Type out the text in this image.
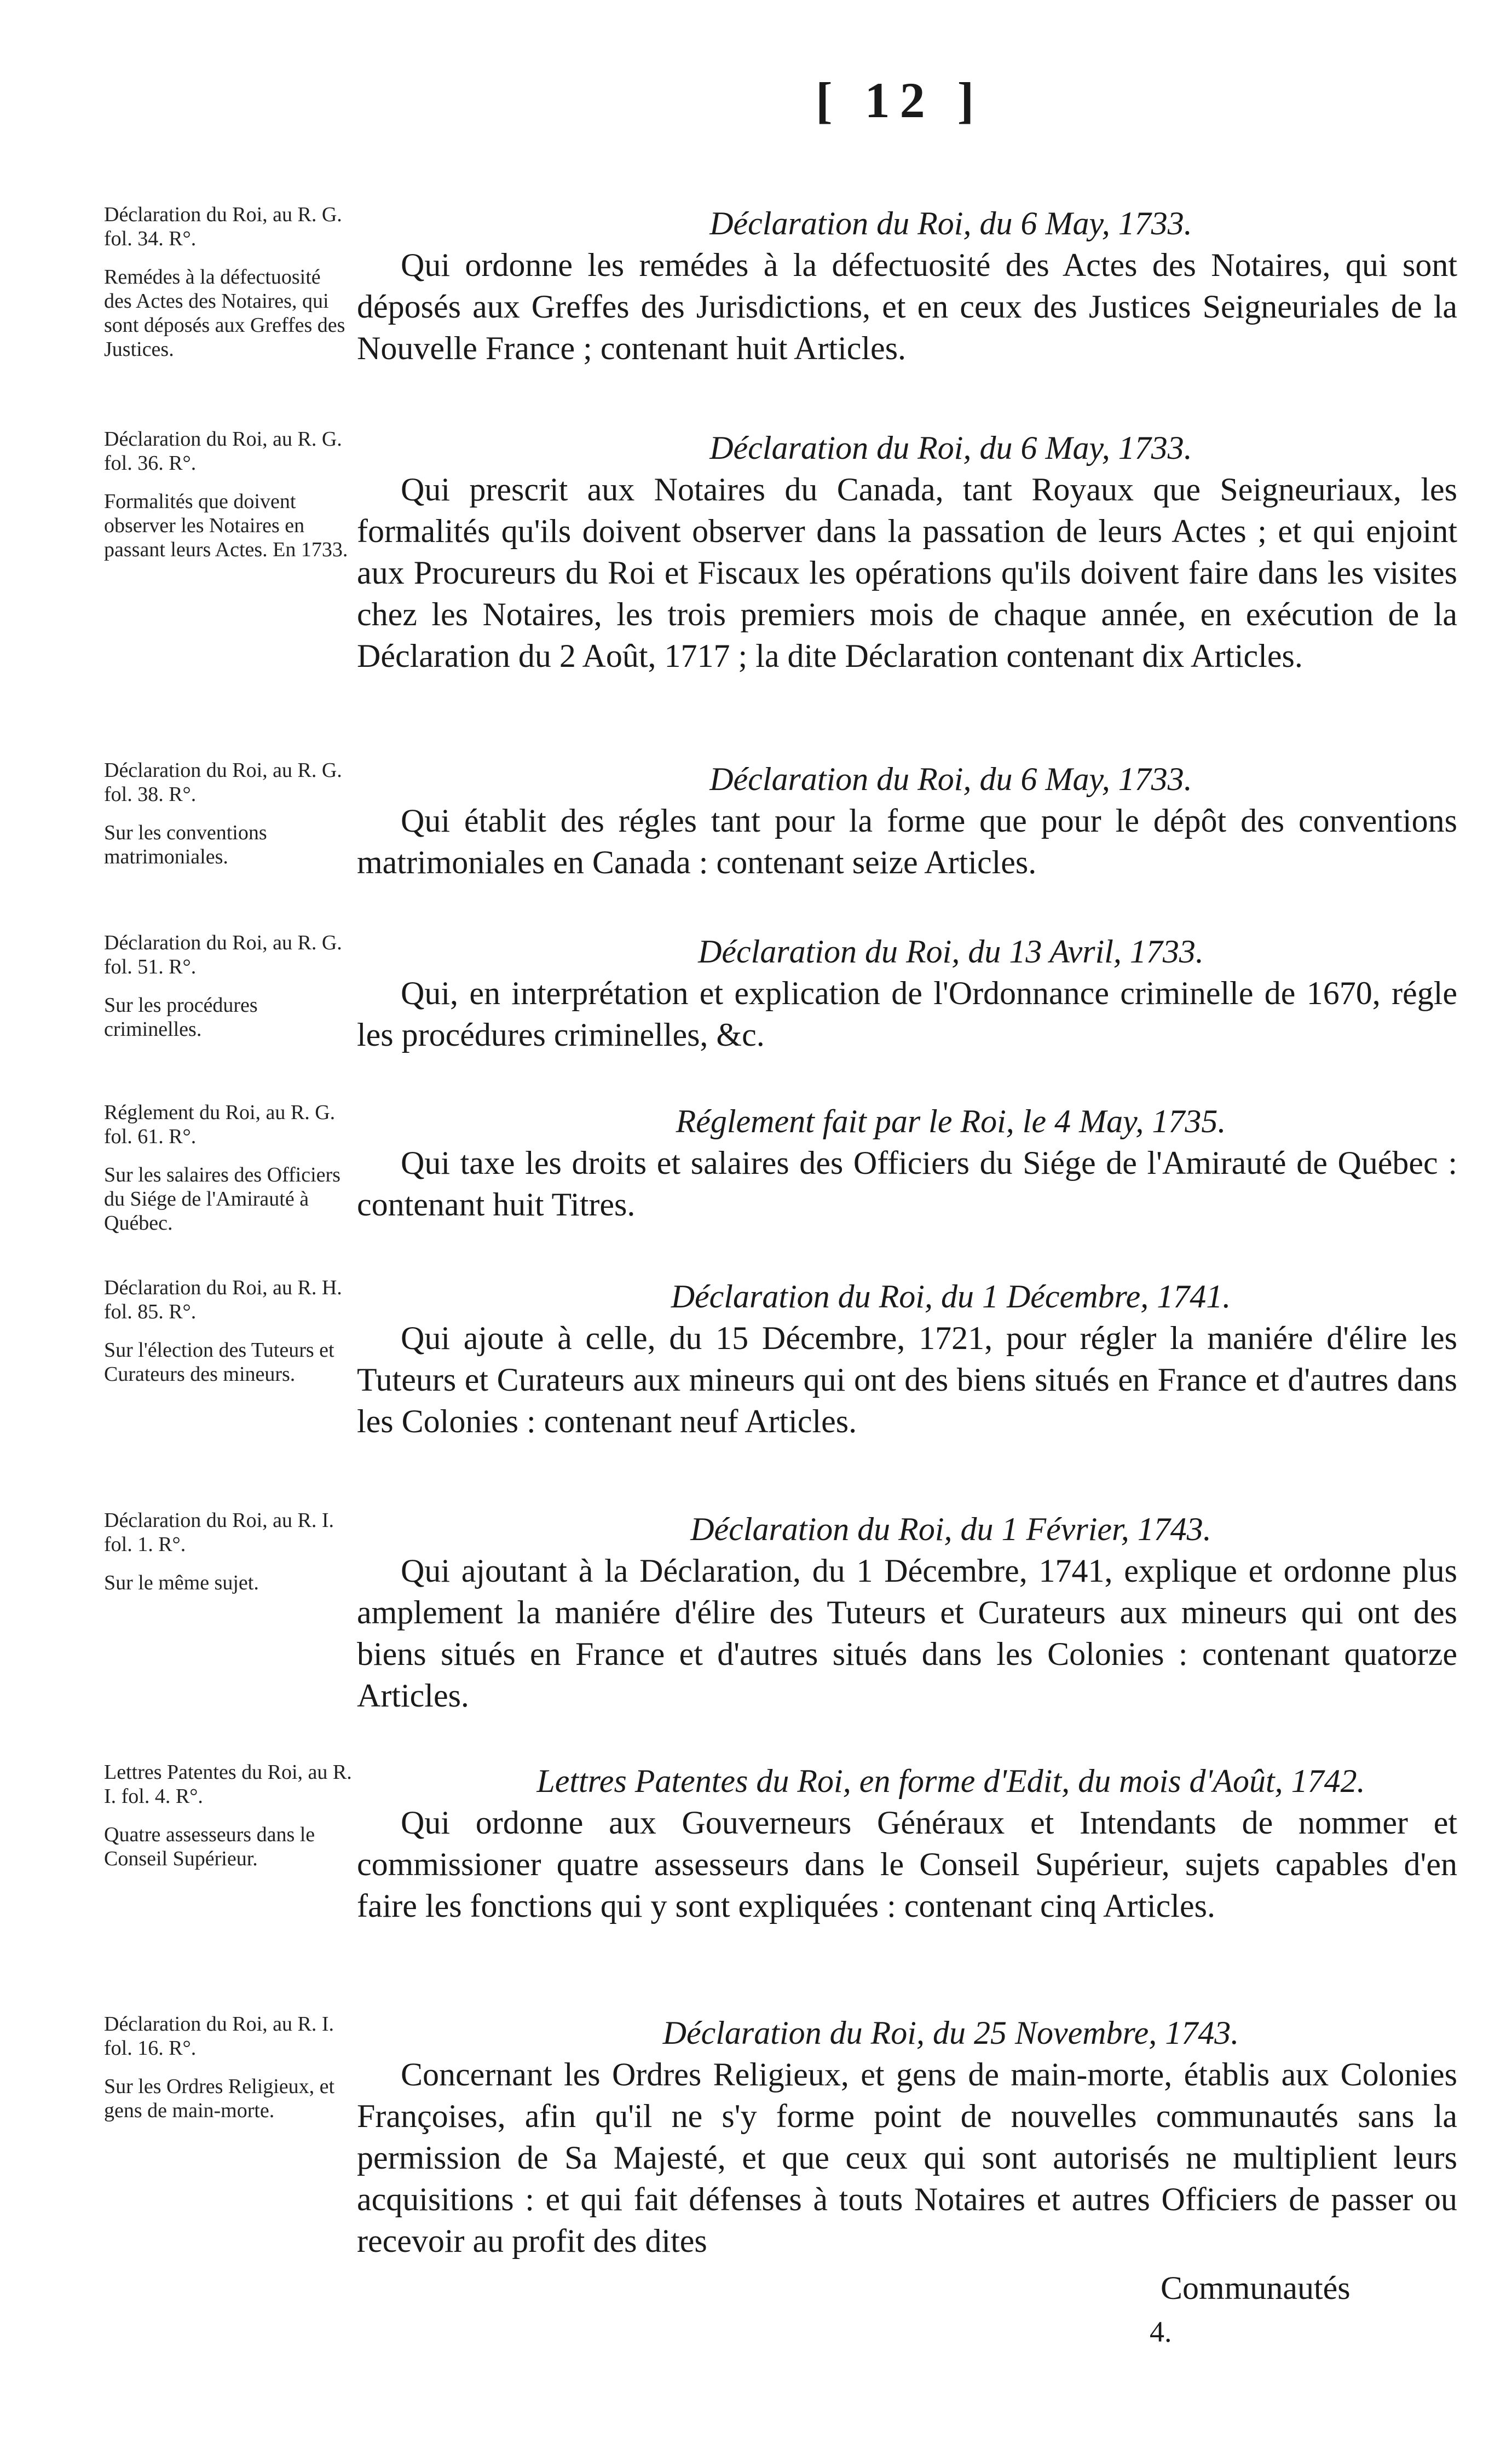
[ 12 ]
Déclaration du Roi, au R. G. fol. 34. R°.
Remédes à la défectuosité des Actes des Notaires, qui sont déposés aux Greffes des Justices.
Déclaration du Roi, du 6 May, 1733.
Qui ordonne les remédes à la défectuosité des Actes des Notaires, qui sont déposés aux Greffes des Jurisdictions, et en ceux des Justices Seigneuriales de la Nouvelle France ; contenant huit Articles.
Déclaration du Roi, au R. G. fol. 36. R°.
Formalités que doivent observer les Notaires en passant leurs Actes. En 1733.
Déclaration du Roi, du 6 May, 1733.
Qui prescrit aux Notaires du Canada, tant Royaux que Seigneuriaux, les formalités qu'ils doivent observer dans la passation de leurs Actes ; et qui enjoint aux Procureurs du Roi et Fiscaux les opérations qu'ils doivent faire dans les visites chez les Notaires, les trois premiers mois de chaque année, en exécution de la Déclaration du 2 Août, 1717 ; la dite Déclaration contenant dix Articles.
Déclaration du Roi, au R. G. fol. 38. R°.
Sur les conventions matrimoniales.
Déclaration du Roi, du 6 May, 1733.
Qui établit des régles tant pour la forme que pour le dépôt des conventions matrimoniales en Canada : contenant seize Articles.
Déclaration du Roi, au R. G. fol. 51. R°.
Sur les procédures criminelles.
Déclaration du Roi, du 13 Avril, 1733.
Qui, en interprétation et explication de l'Ordonnance criminelle de 1670, régle les procédures criminelles, &c.
Réglement du Roi, au R. G. fol. 61. R°.
Sur les salaires des Officiers du Siége de l'Amirauté à Québec.
Réglement fait par le Roi, le 4 May, 1735.
Qui taxe les droits et salaires des Officiers du Siége de l'Amirauté de Québec : contenant huit Titres.
Déclaration du Roi, au R. H. fol. 85. R°.
Sur l'élection des Tuteurs et Curateurs des mineurs.
Déclaration du Roi, du 1 Décembre, 1741.
Qui ajoute à celle, du 15 Décembre, 1721, pour régler la maniére d'élire les Tuteurs et Curateurs aux mineurs qui ont des biens situés en France et d'autres dans les Colonies : contenant neuf Articles.
Déclaration du Roi, au R. I. fol. 1. R°.
Sur le même sujet.
Déclaration du Roi, du 1 Février, 1743.
Qui ajoutant à la Déclaration, du 1 Décembre, 1741, explique et ordonne plus amplement la maniére d'élire des Tuteurs et Curateurs aux mineurs qui ont des biens situés en France et d'autres situés dans les Colonies : contenant quatorze Articles.
Lettres Patentes du Roi, au R. I. fol. 4. R°.
Quatre assesseurs dans le Conseil Supérieur.
Lettres Patentes du Roi, en forme d'Edit, du mois d'Août, 1742.
Qui ordonne aux Gouverneurs Généraux et Intendants de nommer et commissioner quatre assesseurs dans le Conseil Supérieur, sujets capables d'en faire les fonctions qui y sont expliquées : contenant cinq Articles.
Déclaration du Roi, au R. I. fol. 16. R°.
Sur les Ordres Religieux, et gens de main-morte.
Déclaration du Roi, du 25 Novembre, 1743.
Concernant les Ordres Religieux, et gens de main-morte, établis aux Colonies Françoises, afin qu'il ne s'y forme point de nouvelles communautés sans la permission de Sa Majesté, et que ceux qui sont autorisés ne multiplient leurs acquisitions : et qui fait défenses à touts Notaires et autres Officiers de passer ou recevoir au profit des dites
Communautés
4.
